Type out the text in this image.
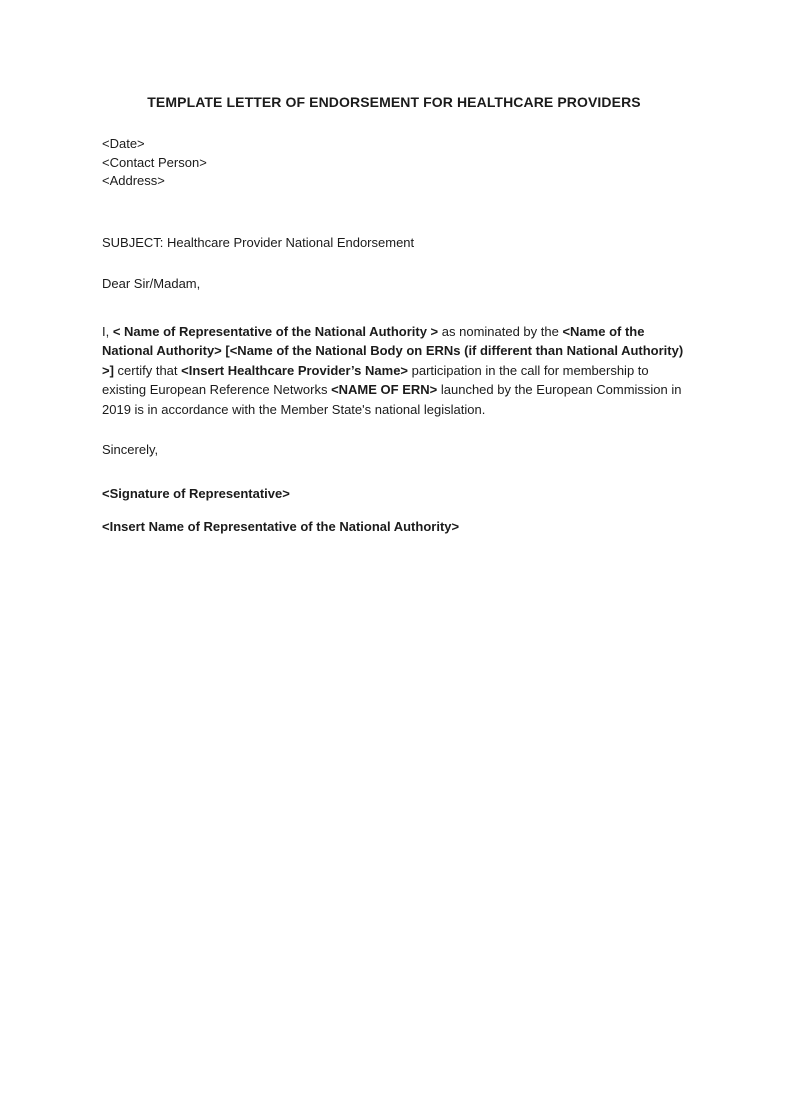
TEMPLATE LETTER OF ENDORSEMENT FOR HEALTHCARE PROVIDERS
<Date>
<Contact Person>
<Address>

SUBJECT: Healthcare Provider National Endorsement

Dear Sir/Madam,

I, < Name of Representative of the National Authority > as nominated by the <Name of the National Authority> [<Name of the National Body on ERNs (if different than National Authority) >] certify that <Insert Healthcare Provider’s Name> participation in the call for membership to existing European Reference Networks <NAME OF ERN> launched by the European Commission in 2019 is in accordance with the Member State's national legislation.

Sincerely,

<Signature of Representative>

<Insert Name of Representative of the National Authority>
